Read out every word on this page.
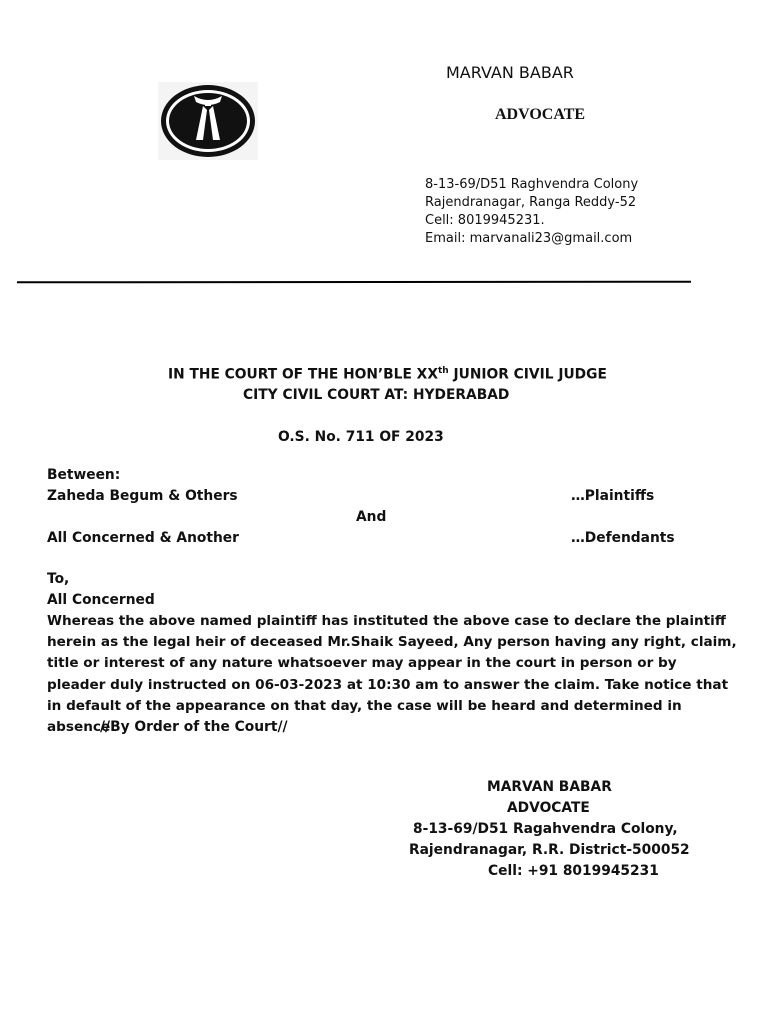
MARVAN BABAR
ADVOCATE
8-13-69/D51 Raghvendra Colony
Rajendranagar, Ranga Reddy-52
Cell: 8019945231.
Email: marvanali23@gmail.com
IN THE COURT OF THE HON’BLE XXth JUNIOR CIVIL JUDGE
CITY CIVIL COURT AT: HYDERABAD
O.S. No. 711 OF 2023
Between:
Zaheda Begum & Others	…Plaintiffs
And
All Concerned & Another	…Defendants
To,
All Concerned
Whereas the above named plaintiff has instituted the above case to declare the plaintiff herein as the legal heir of deceased Mr.Shaik Sayeed, Any person having any right, claim, title or interest of any nature whatsoever may appear in the court in person or by pleader duly instructed on 06-03-2023 at 10:30 am to answer the claim. Take notice that in default of the appearance on that day, the case will be heard and determined in absence.
//By Order of the Court//
MARVAN BABAR
ADVOCATE
8-13-69/D51 Ragahvendra Colony,
Rajendranagar, R.R. District-500052
Cell: +91 8019945231
